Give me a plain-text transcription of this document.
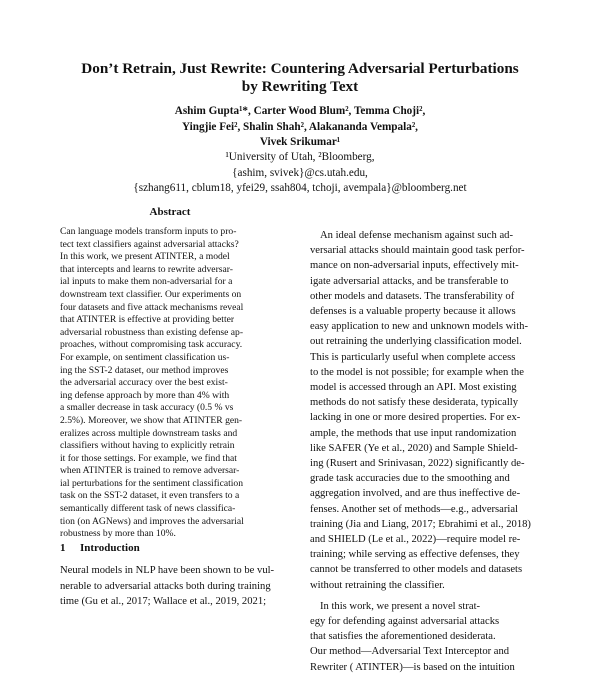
Don’t Retrain, Just Rewrite: Countering Adversarial Perturbations
by Rewriting Text
Ashim Gupta¹*, Carter Wood Blum², Temma Choji²,
Yingjie Fei², Shalin Shah², Alakananda Vempala²,
Vivek Srikumar¹
¹University of Utah, ²Bloomberg,
{ashim, svivek}@cs.utah.edu,
{szhang611, cblum18, yfei29, ssah804, tchoji, avempala}@bloomberg.net
Abstract
Can language models transform inputs to pro-
tect text classifiers against adversarial attacks?
In this work, we present ATINTER, a model
that intercepts and learns to rewrite adversar-
ial inputs to make them non-adversarial for a
downstream text classifier. Our experiments on
four datasets and five attack mechanisms reveal
that ATINTER is effective at providing better
adversarial robustness than existing defense ap-
proaches, without compromising task accuracy.
For example, on sentiment classification us-
ing the SST-2 dataset, our method improves
the adversarial accuracy over the best exist-
ing defense approach by more than 4% with
a smaller decrease in task accuracy (0.5 % vs
2.5%). Moreover, we show that ATINTER gen-
eralizes across multiple downstream tasks and
classifiers without having to explicitly retrain
it for those settings. For example, we find that
when ATINTER is trained to remove adversar-
ial perturbations for the sentiment classification
task on the SST-2 dataset, it even transfers to a
semantically different task of news classifica-
tion (on AGNews) and improves the adversarial
robustness by more than 10%.
1 Introduction
Neural models in NLP have been shown to be vul-
nerable to adversarial attacks both during training
time (Gu et al., 2017; Wallace et al., 2019, 2021;
An ideal defense mechanism against such ad-
versarial attacks should maintain good task perfor-
mance on non-adversarial inputs, effectively mit-
igate adversarial attacks, and be transferable to
other models and datasets. The transferability of
defenses is a valuable property because it allows
easy application to new and unknown models with-
out retraining the underlying classification model.
This is particularly useful when complete access
to the model is not possible; for example when the
model is accessed through an API. Most existing
methods do not satisfy these desiderata, typically
lacking in one or more desired properties. For ex-
ample, the methods that use input randomization
like SAFER (Ye et al., 2020) and Sample Shield-
ing (Rusert and Srinivasan, 2022) significantly de-
grade task accuracies due to the smoothing and
aggregation involved, and are thus ineffective de-
fenses. Another set of methods—e.g., adversarial
training (Jia and Liang, 2017; Ebrahimi et al., 2018)
and SHIELD (Le et al., 2022)—require model re-
training; while serving as effective defenses, they
cannot be transferred to other models and datasets
without retraining the classifier.
In this work, we present a novel strat-
egy for defending against adversarial attacks
that satisfies the aforementioned desiderata.
Our method—Adversarial Text Interceptor and
Rewriter ( ATINTER)—is based on the intuition
